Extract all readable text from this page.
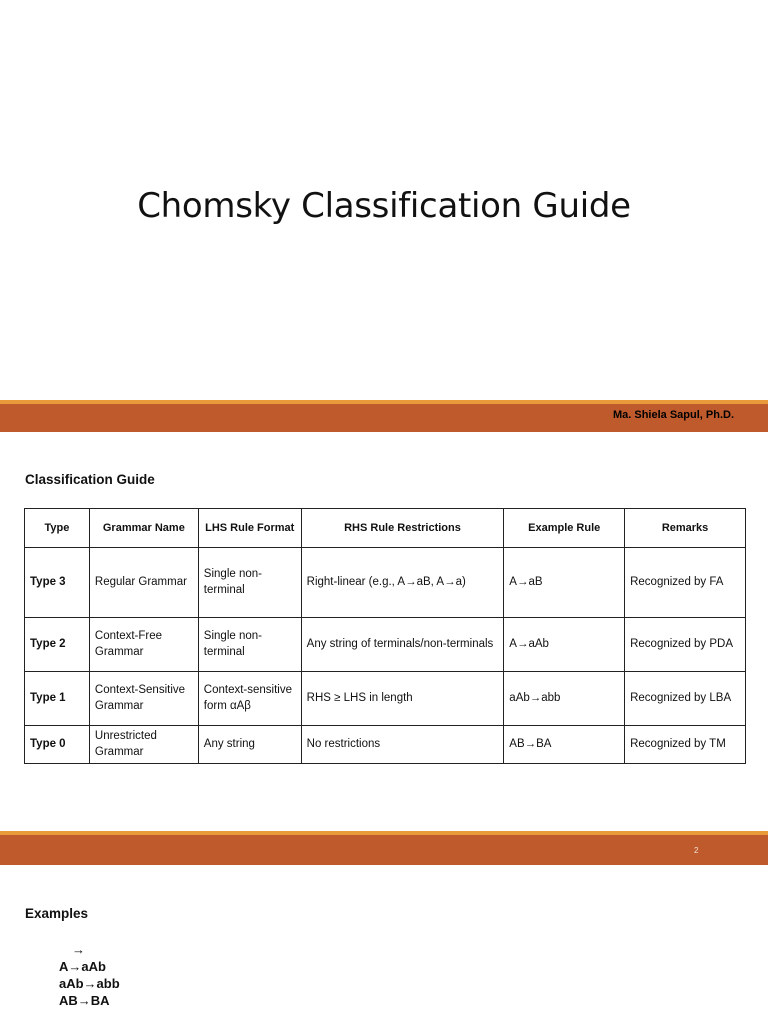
Chomsky Classification Guide
Ma. Shiela Sapul, Ph.D.
Classification Guide
Type	Grammar Name	LHS Rule Format	RHS Rule Restrictions	Example Rule	Remarks
Type 3	Regular Grammar	Single non-terminal	Right-linear (e.g., A→aB, A→a)	A→aB	Recognized by FA
Type 2	Context-Free Grammar	Single non-terminal	Any string of terminals/non-terminals	A→aAb	Recognized by PDA
Type 1	Context-Sensitive Grammar	Context-sensitive form αAβ	RHS ≥ LHS in length	aAb→abb	Recognized by LBA
Type 0	Unrestricted Grammar	Any string	No restrictions	AB→BA	Recognized by TM
2
Examples
→
A→aAb
aAb→abb
AB→BA
